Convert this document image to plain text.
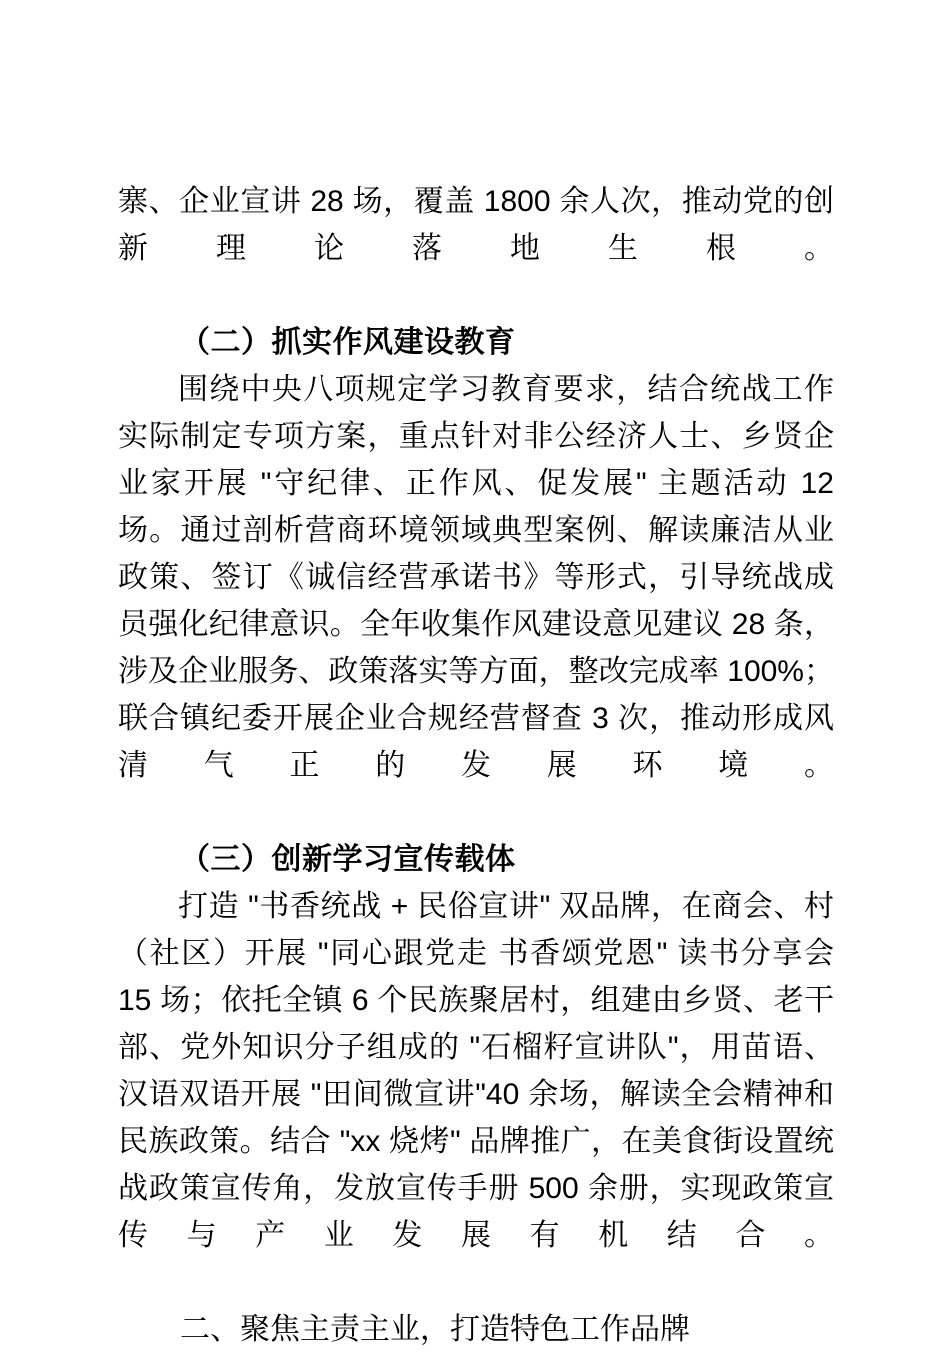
寨、企业宣讲 28 场，覆盖 1800 余人次，推动党的创新理论落地生根。

（二）抓实作风建设教育

围绕中央八项规定学习教育要求，结合统战工作实际制定专项方案，重点针对非公经济人士、乡贤企业家开展 "守纪律、正作风、促发展" 主题活动 12 场。通过剖析营商环境领域典型案例、解读廉洁从业政策、签订《诚信经营承诺书》等形式，引导统战成员强化纪律意识。全年收集作风建设意见建议 28 条，涉及企业服务、政策落实等方面，整改完成率 100%；联合镇纪委开展企业合规经营督查 3 次，推动形成风清气正的发展环境。

（三）创新学习宣传载体

打造 "书香统战 + 民俗宣讲" 双品牌，在商会、村（社区）开展 "同心跟党走 书香颂党恩" 读书分享会 15 场；依托全镇 6 个民族聚居村，组建由乡贤、老干部、党外知识分子组成的 "石榴籽宣讲队"，用苗语、汉语双语开展 "田间微宣讲"40 余场，解读全会精神和民族政策。结合 "xx 烧烤" 品牌推广，在美食街设置统战政策宣传角，发放宣传手册 500 余册，实现政策宣传与产业发展有机结合。

二、聚焦主责主业，打造特色工作品牌
